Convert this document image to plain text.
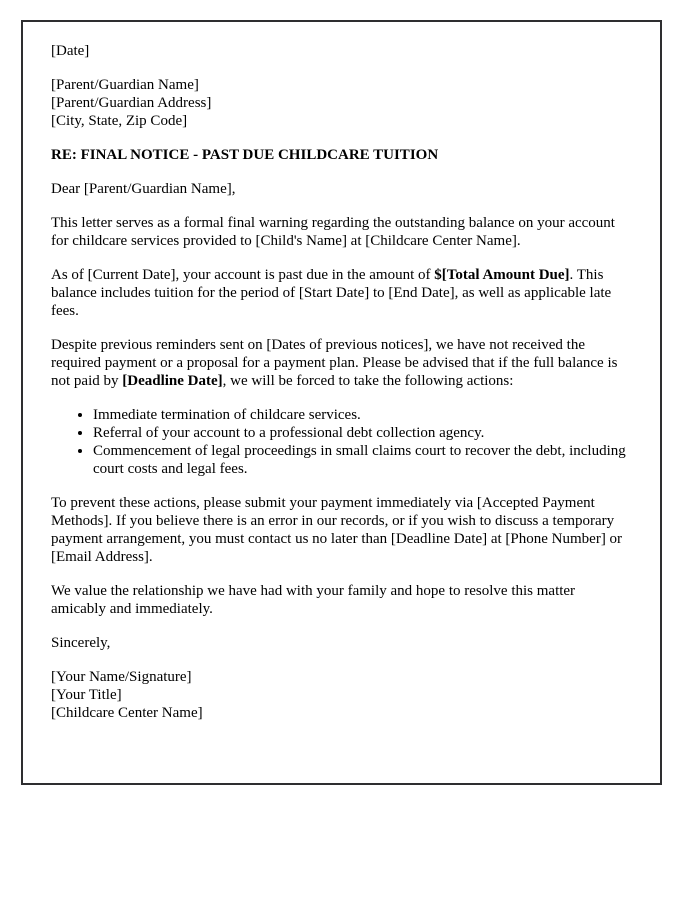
[Date]

[Parent/Guardian Name]
[Parent/Guardian Address]
[City, State, Zip Code]

RE: FINAL NOTICE - PAST DUE CHILDCARE TUITION

Dear [Parent/Guardian Name],

This letter serves as a formal final warning regarding the outstanding balance on your account for childcare services provided to [Child's Name] at [Childcare Center Name].

As of [Current Date], your account is past due in the amount of $[Total Amount Due]. This balance includes tuition for the period of [Start Date] to [End Date], as well as applicable late fees.

Despite previous reminders sent on [Dates of previous notices], we have not received the required payment or a proposal for a payment plan. Please be advised that if the full balance is not paid by [Deadline Date], we will be forced to take the following actions:

• Immediate termination of childcare services.
• Referral of your account to a professional debt collection agency.
• Commencement of legal proceedings in small claims court to recover the debt, including court costs and legal fees.

To prevent these actions, please submit your payment immediately via [Accepted Payment Methods]. If you believe there is an error in our records, or if you wish to discuss a temporary payment arrangement, you must contact us no later than [Deadline Date] at [Phone Number] or [Email Address].

We value the relationship we have had with your family and hope to resolve this matter amicably and immediately.

Sincerely,

[Your Name/Signature]
[Your Title]
[Childcare Center Name]
